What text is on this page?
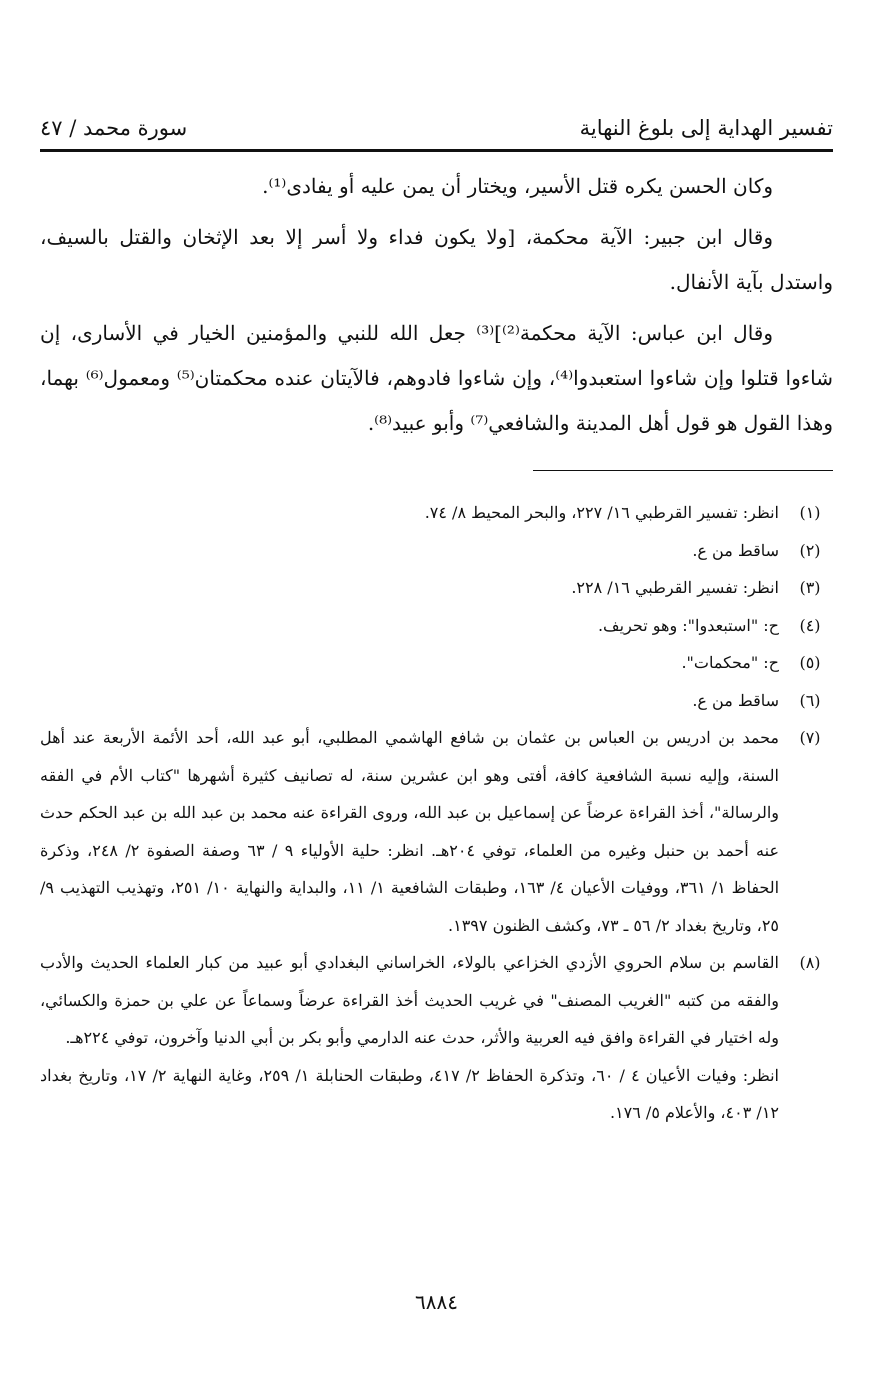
تفسير الهداية إلى بلوغ النهاية
سورة محمد / ٤٧

وكان الحسن يكره قتل الأسير، ويختار أن يمن عليه أو يفادى⁽¹⁾.

وقال ابن جبير: الآية محكمة، [ولا يكون فداء ولا أسر إلا بعد الإثخان والقتل بالسيف، واستدل بآية الأنفال.

وقال ابن عباس: الآية محكمة⁽²⁾]⁽³⁾ جعل الله للنبي والمؤمنين الخيار في الأسارى، إن شاءوا قتلوا وإن شاءوا استعبدوا⁽⁴⁾، وإن شاءوا فادوهم، فالآيتان عنده محكمتان⁽⁵⁾ ومعمول⁽⁶⁾ بهما، وهذا القول هو قول أهل المدينة والشافعي⁽⁷⁾ وأبو عبيد⁽⁸⁾.

(١)
انظر: تفسير القرطبي ١٦/ ٢٢٧، والبحر المحيط ٨/ ٧٤.
(٢)
ساقط من ع.
(٣)
انظر: تفسير القرطبي ١٦/ ٢٢٨.
(٤)
ح: "استبعدوا": وهو تحريف.
(٥)
ح: "محكمات".
(٦)
ساقط من ع.
(٧)
محمد بن ادريس بن العباس بن عثمان بن شافع الهاشمي المطلبي، أبو عبد الله، أحد الأئمة الأربعة عند أهل السنة، وإليه نسبة الشافعية كافة، أفتى وهو ابن عشرين سنة، له تصانيف كثيرة أشهرها "كتاب الأم في الفقه والرسالة"، أخذ القراءة عرضاً عن إسماعيل بن عبد الله، وروى القراءة عنه محمد بن عبد الله بن عبد الحكم حدث عنه أحمد بن حنبل وغيره من العلماء، توفي ٢٠٤هـ. انظر: حلية الأولياء ٩ / ٦٣ وصفة الصفوة ٢/ ٢٤٨، وذكرة الحفاظ ١/ ٣٦١، ووفيات الأعيان ٤/ ١٦٣، وطبقات الشافعية ١/ ١١، والبداية والنهاية ١٠/ ٢٥١، وتهذيب التهذيب ٩/ ٢٥، وتاريخ بغداد ٢/ ٥٦ ـ ٧٣، وكشف الظنون ١٣٩٧.
(٨)
القاسم بن سلام الحروي الأزدي الخزاعي بالولاء، الخراساني البغدادي أبو عبيد من كبار العلماء الحديث والأدب والفقه من كتبه "الغريب المصنف" في غريب الحديث أخذ القراءة عرضاً وسماعاً عن علي بن حمزة والكسائي، وله اختيار في القراءة وافق فيه العربية والأثر، حدث عنه الدارمي وأبو بكر بن أبي الدنيا وآخرون، توفي ٢٢٤هـ.
انظر: وفيات الأعيان ٤ / ٦٠، وتذكرة الحفاظ ٢/ ٤١٧، وطبقات الحنابلة ١/ ٢٥٩، وغاية النهاية ٢/ ١٧، وتاريخ بغداد ١٢/ ٤٠٣، والأعلام ٥/ ١٧٦.
٦٨٨٤
